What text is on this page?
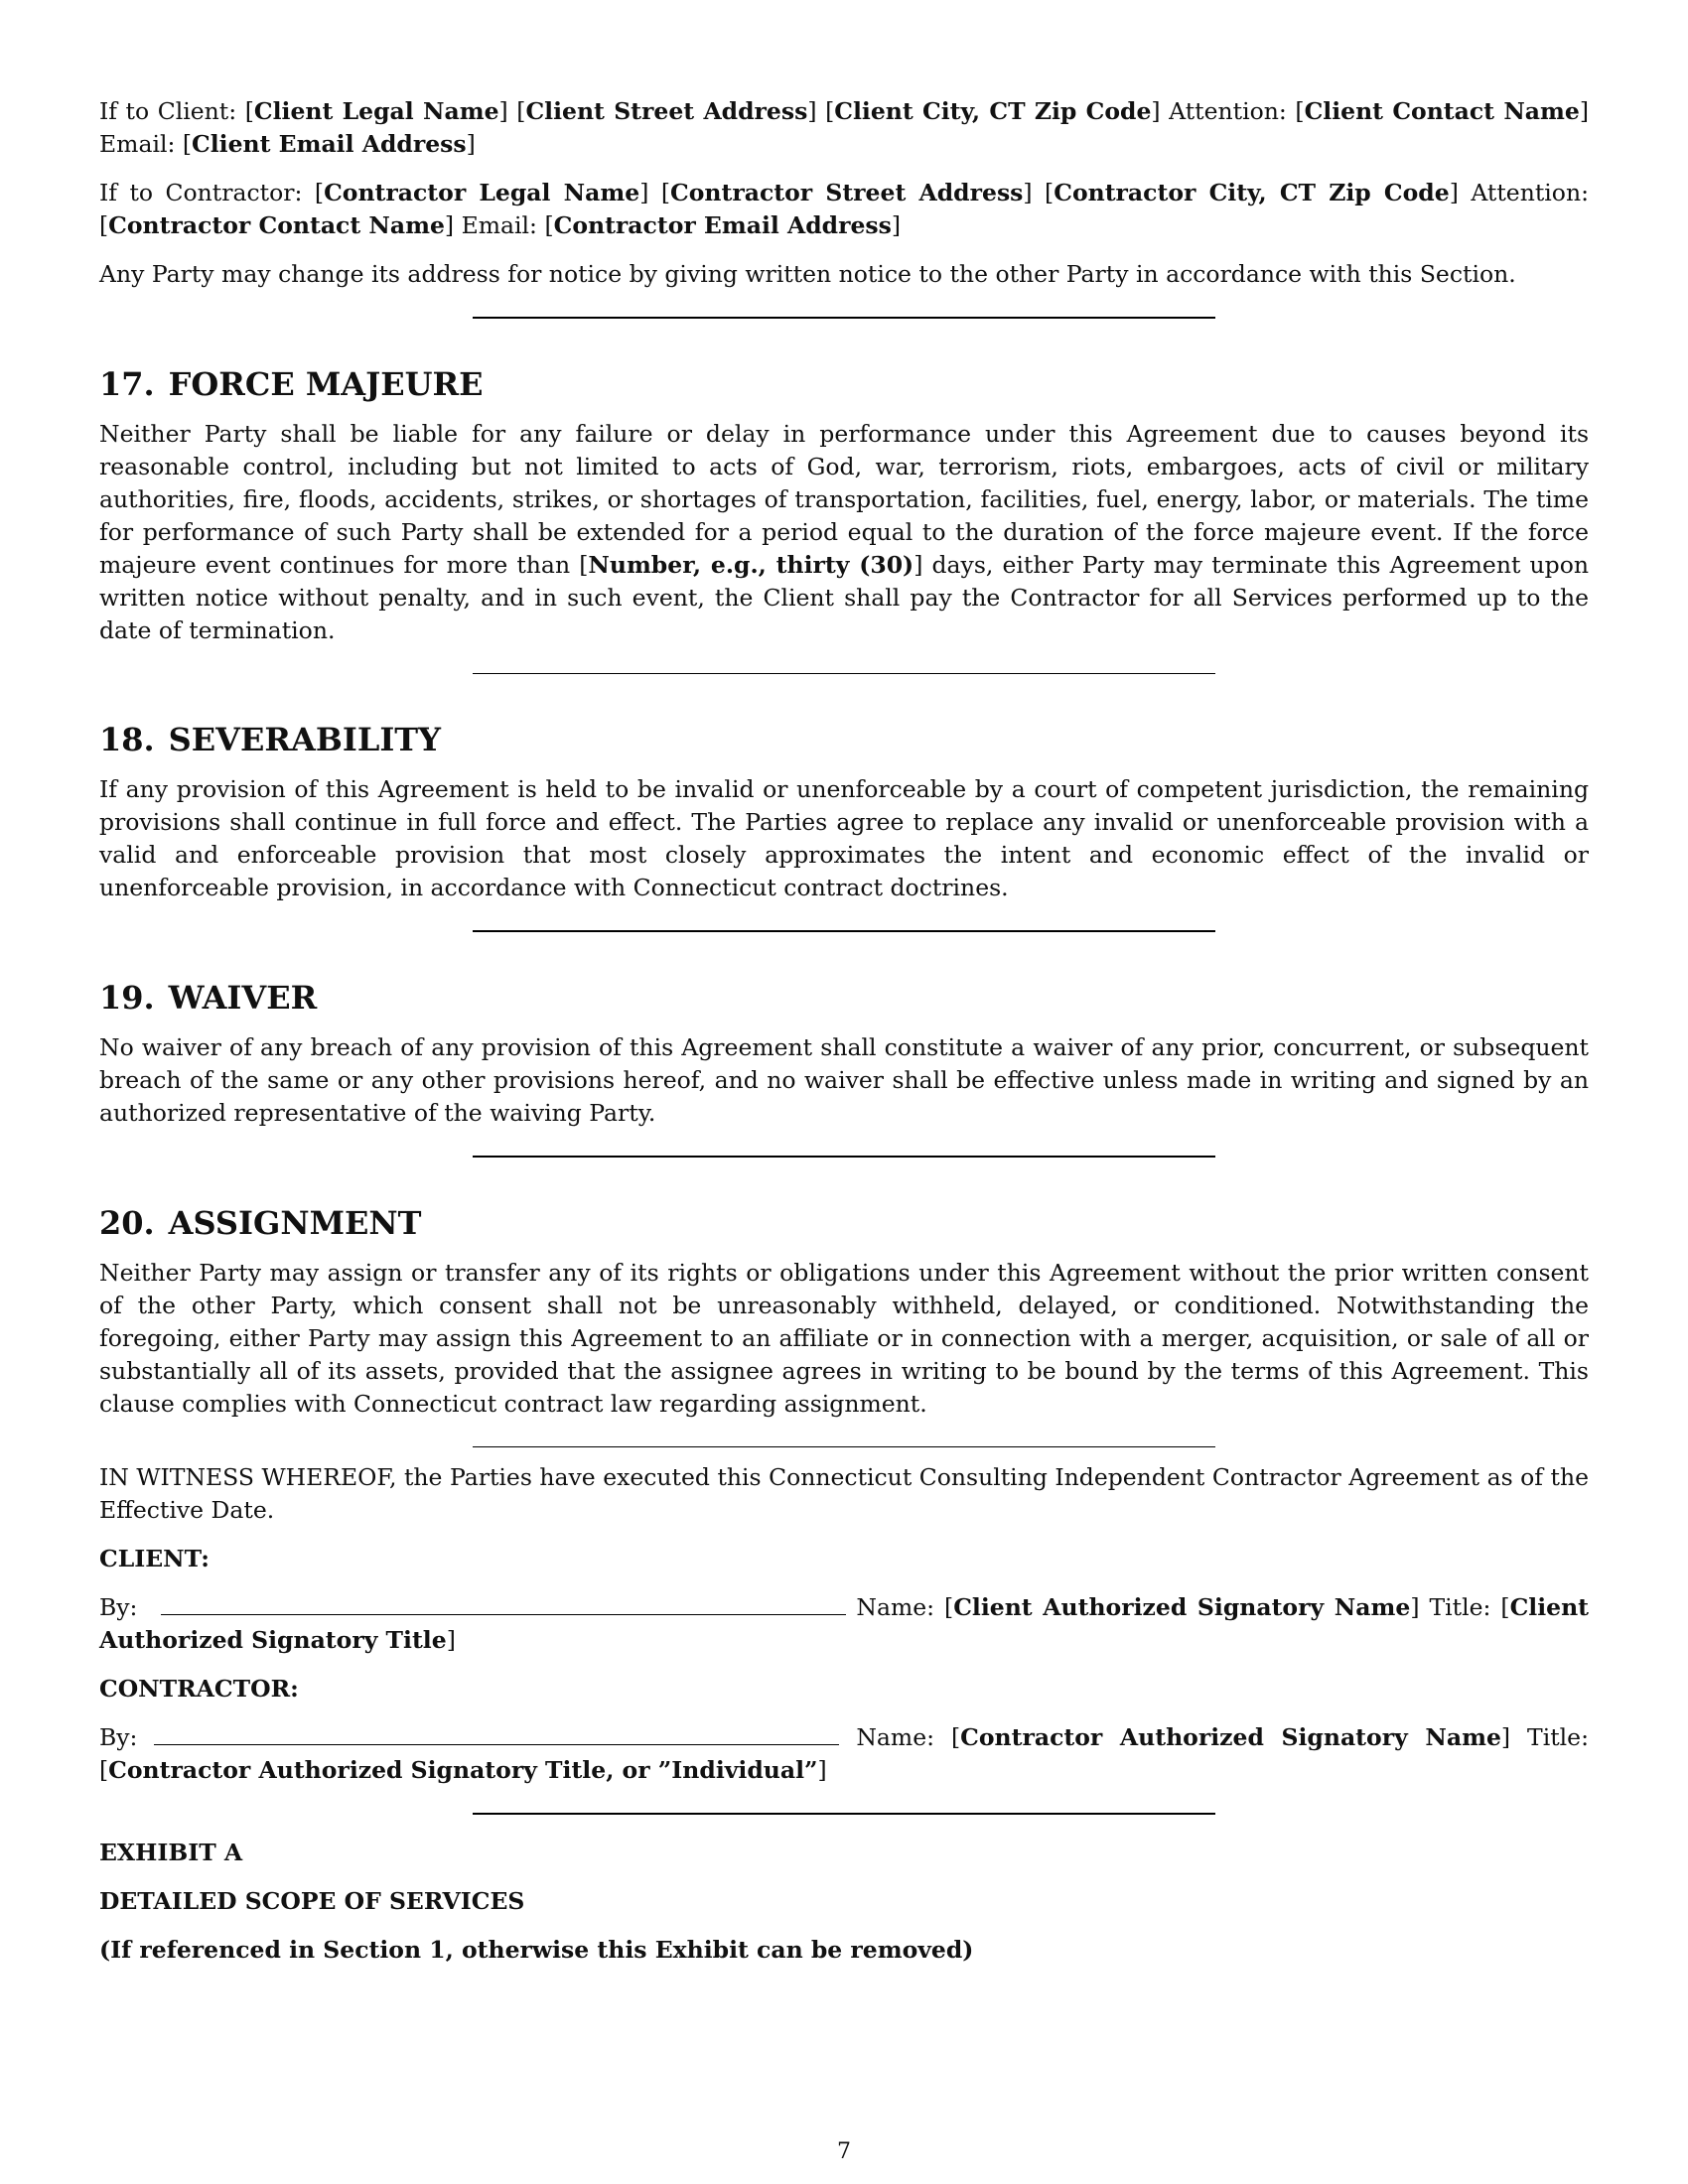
If to Client: [Client Legal Name] [Client Street Address] [Client City, CT Zip Code] Attention: [Client Contact Name] Email: [Client Email Address]

If to Contractor: [Contractor Legal Name] [Contractor Street Address] [Contractor City, CT Zip Code] Attention: [Contractor Contact Name] Email: [Contractor Email Address]

Any Party may change its address for notice by giving written notice to the other Party in accordance with this Section.

17. FORCE MAJEURE

Neither Party shall be liable for any failure or delay in performance under this Agreement due to causes beyond its reasonable control, including but not limited to acts of God, war, terrorism, riots, embargoes, acts of civil or military authorities, fire, floods, accidents, strikes, or shortages of transportation, facilities, fuel, energy, labor, or materials. The time for performance of such Party shall be extended for a period equal to the duration of the force majeure event. If the force majeure event continues for more than [Number, e.g., thirty (30)] days, either Party may terminate this Agreement upon written notice without penalty, and in such event, the Client shall pay the Contractor for all Services performed up to the date of termination.

18. SEVERABILITY

If any provision of this Agreement is held to be invalid or unenforceable by a court of competent jurisdiction, the remaining provisions shall continue in full force and effect. The Parties agree to replace any invalid or unenforceable provision with a valid and enforceable provision that most closely approximates the intent and economic effect of the invalid or unenforceable provision, in accordance with Connecticut contract doctrines.

19. WAIVER

No waiver of any breach of any provision of this Agreement shall constitute a waiver of any prior, concurrent, or subsequent breach of the same or any other provisions hereof, and no waiver shall be effective unless made in writing and signed by an authorized representative of the waiving Party.

20. ASSIGNMENT

Neither Party may assign or transfer any of its rights or obligations under this Agreement without the prior written consent of the other Party, which consent shall not be unreasonably withheld, delayed, or conditioned. Notwithstanding the foregoing, either Party may assign this Agreement to an affiliate or in connection with a merger, acquisition, or sale of all or substantially all of its assets, provided that the assignee agrees in writing to be bound by the terms of this Agreement. This clause complies with Connecticut contract law regarding assignment.

IN WITNESS WHEREOF, the Parties have executed this Connecticut Consulting Independent Contractor Agreement as of the Effective Date.

CLIENT:

By:	Name: [Client Authorized Signatory Name] Title: [Client Authorized Signatory Title]

CONTRACTOR:

By:	Name: [Contractor Authorized Signatory Name] Title: [Contractor Authorized Signatory Title, or ”Individual”]

EXHIBIT A

DETAILED SCOPE OF SERVICES

(If referenced in Section 1, otherwise this Exhibit can be removed)

7
